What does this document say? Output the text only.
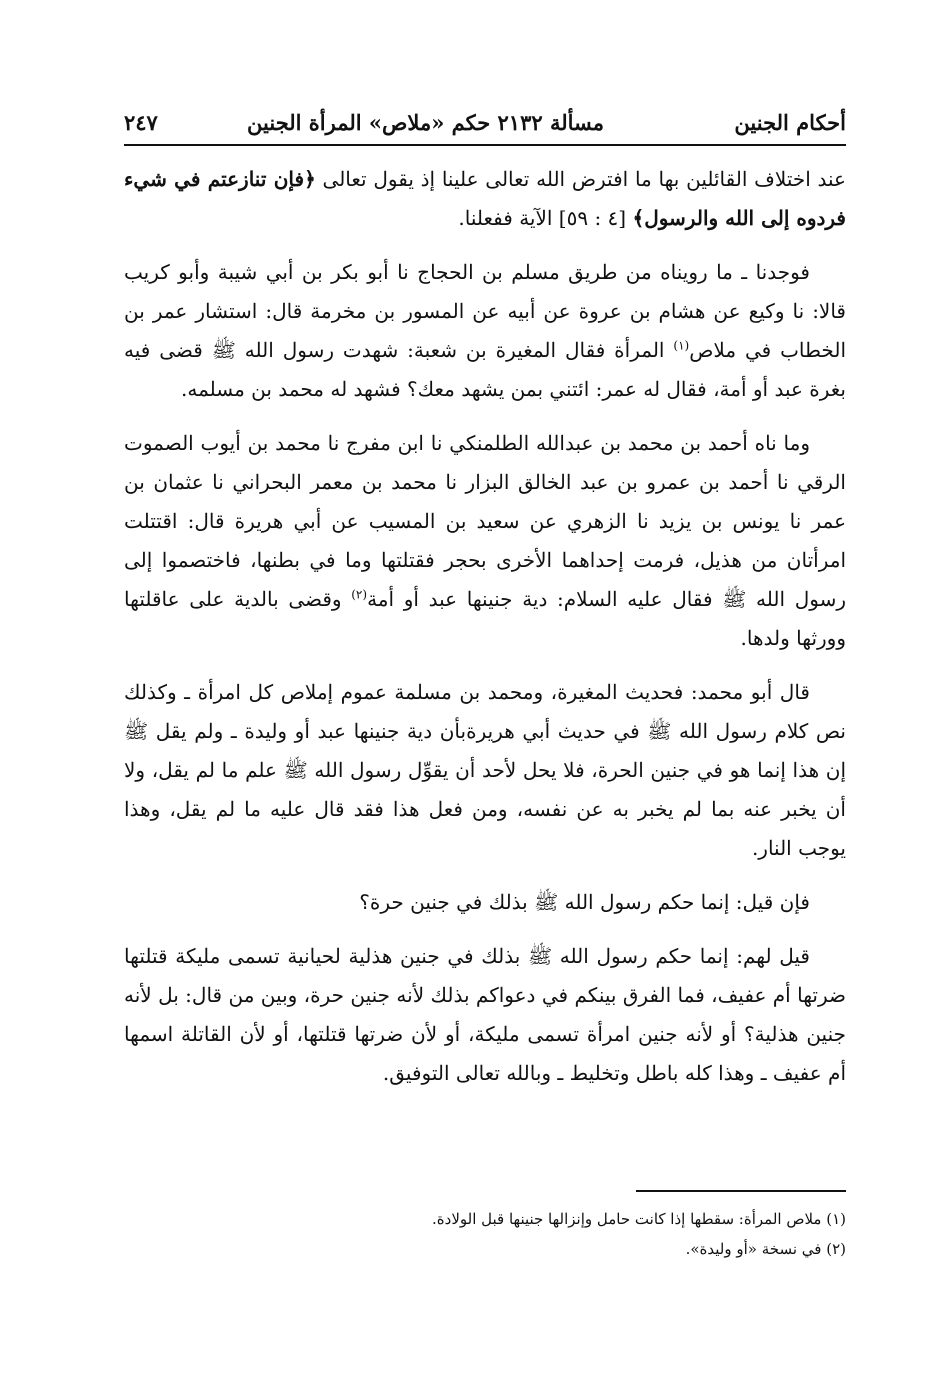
أحكام الجنين
مسألة ٢١٣٢ حكم «ملاص» المرأة الجنين
٢٤٧

عند اختلاف القائلين بها ما افترض الله تعالى علينا إذ يقول تعالى ﴿فإن تنازعتم في شيء فردوه إلى الله والرسول﴾ [٤ : ٥٩] الآية ففعلنا.

فوجدنا ـ ما رويناه من طريق مسلم بن الحجاج نا أبو بكر بن أبي شيبة وأبو كريب قالا: نا وكيع عن هشام بن عروة عن أبيه عن المسور بن مخرمة قال: استشار عمر بن الخطاب في ملاص$^{(١)}$ المرأة فقال المغيرة بن شعبة: شهدت رسول الله ﷺ قضى فيه بغرة عبد أو أمة، فقال له عمر: ائتني بمن يشهد معك؟ فشهد له محمد بن مسلمه.

وما ناه أحمد بن محمد بن عبدالله الطلمنكي نا ابن مفرج نا محمد بن أيوب الصموت الرقي نا أحمد بن عمرو بن عبد الخالق البزار نا محمد بن معمر البحراني نا عثمان بن عمر نا يونس بن يزيد نا الزهري عن سعيد بن المسيب عن أبي هريرة قال: اقتتلت امرأتان من هذيل، فرمت إحداهما الأخرى بحجر فقتلتها وما في بطنها، فاختصموا إلى رسول الله ﷺ فقال عليه السلام: دية جنينها عبد أو أمة$^{(٢)}$ وقضى بالدية على عاقلتها وورثها ولدها.

قال أبو محمد: فحديث المغيرة، ومحمد بن مسلمة عموم إملاص كل امرأة ـ وكذلك نص كلام رسول الله ﷺ في حديث أبي هريرةبأن دية جنينها عبد أو وليدة ـ ولم يقل ﷺ إن هذا إنما هو في جنين الحرة، فلا يحل لأحد أن يقوِّل رسول الله ﷺ علم ما لم يقل، ولا أن يخبر عنه بما لم يخبر به عن نفسه، ومن فعل هذا فقد قال عليه ما لم يقل، وهذا يوجب النار.

فإن قيل: إنما حكم رسول الله ﷺ بذلك في جنين حرة؟

قيل لهم: إنما حكم رسول الله ﷺ بذلك في جنين هذلية لحيانية تسمى مليكة قتلتها ضرتها أم عفيف، فما الفرق بينكم في دعواكم بذلك لأنه جنين حرة، وبين من قال: بل لأنه جنين هذلية؟ أو لأنه جنين امرأة تسمى مليكة، أو لأن ضرتها قتلتها، أو لأن القاتلة اسمها أم عفيف ـ وهذا كله باطل وتخليط ـ وبالله تعالى التوفيق.

(١) ملاص المرأة: سقطها إذا كانت حامل وإنزالها جنينها قبل الولادة.
(٢) في نسخة «أو وليدة».
